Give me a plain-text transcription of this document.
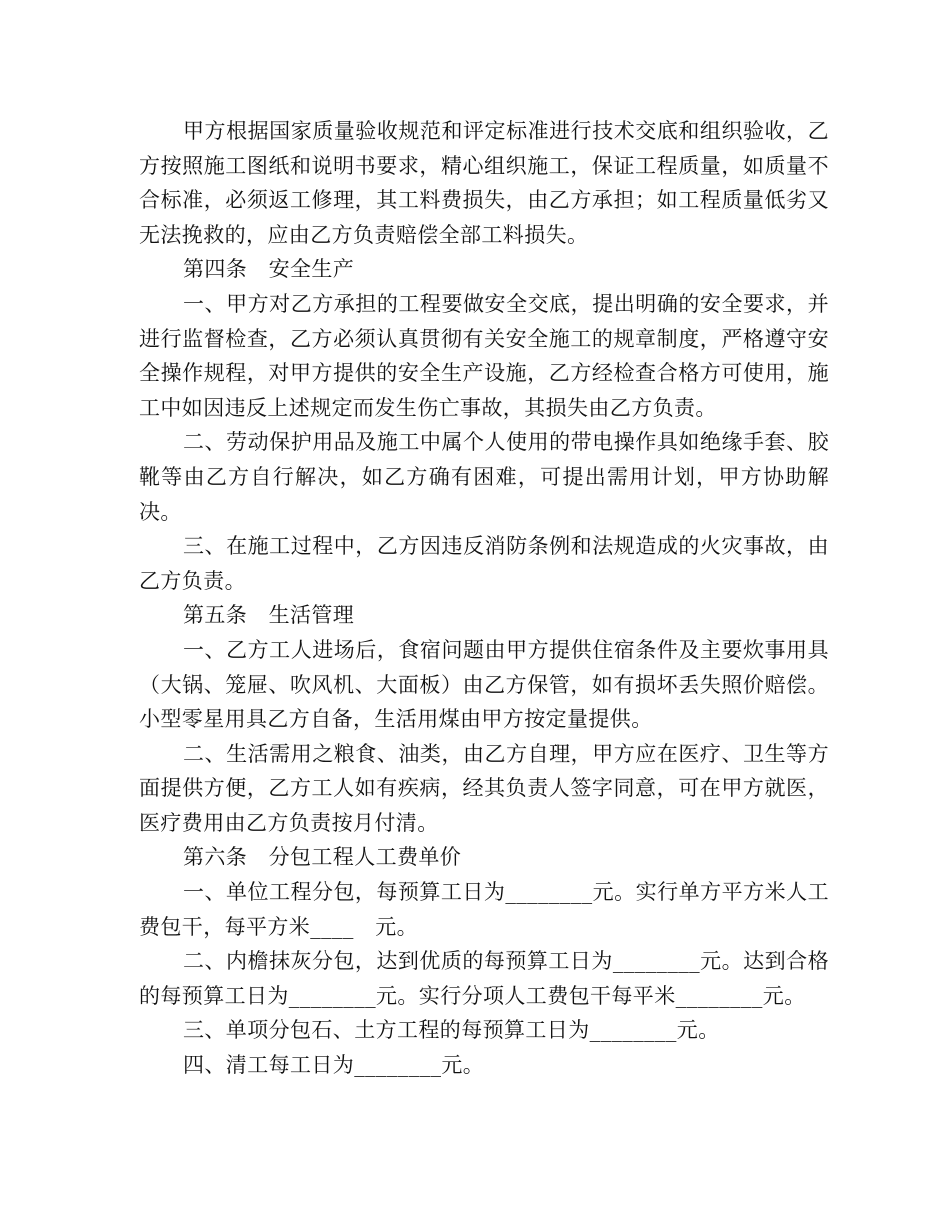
甲方根据国家质量验收规范和评定标准进行技术交底和组织验收，乙方按照施工图纸和说明书要求，精心组织施工，保证工程质量，如质量不合标准，必须返工修理，其工料费损失，由乙方承担；如工程质量低劣又无法挽救的，应由乙方负责赔偿全部工料损失。

第四条　安全生产

一、甲方对乙方承担的工程要做安全交底，提出明确的安全要求，并进行监督检查，乙方必须认真贯彻有关安全施工的规章制度，严格遵守安全操作规程，对甲方提供的安全生产设施，乙方经检查合格方可使用，施工中如因违反上述规定而发生伤亡事故，其损失由乙方负责。

二、劳动保护用品及施工中属个人使用的带电操作具如绝缘手套、胶靴等由乙方自行解决，如乙方确有困难，可提出需用计划，甲方协助解决。

三、在施工过程中，乙方因违反消防条例和法规造成的火灾事故，由乙方负责。

第五条　生活管理

一、乙方工人进场后，食宿问题由甲方提供住宿条件及主要炊事用具（大锅、笼屉、吹风机、大面板）由乙方保管，如有损坏丢失照价赔偿。小型零星用具乙方自备，生活用煤由甲方按定量提供。

二、生活需用之粮食、油类，由乙方自理，甲方应在医疗、卫生等方面提供方便，乙方工人如有疾病，经其负责人签字同意，可在甲方就医，医疗费用由乙方负责按月付清。

第六条　分包工程人工费单价

一、单位工程分包，每预算工日为________元。实行单方平方米人工费包干，每平方米____　元。

二、内檐抹灰分包，达到优质的每预算工日为________元。达到合格的每预算工日为________元。实行分项人工费包干每平米________元。

三、单项分包石、土方工程的每预算工日为________元。

四、清工每工日为________元。
